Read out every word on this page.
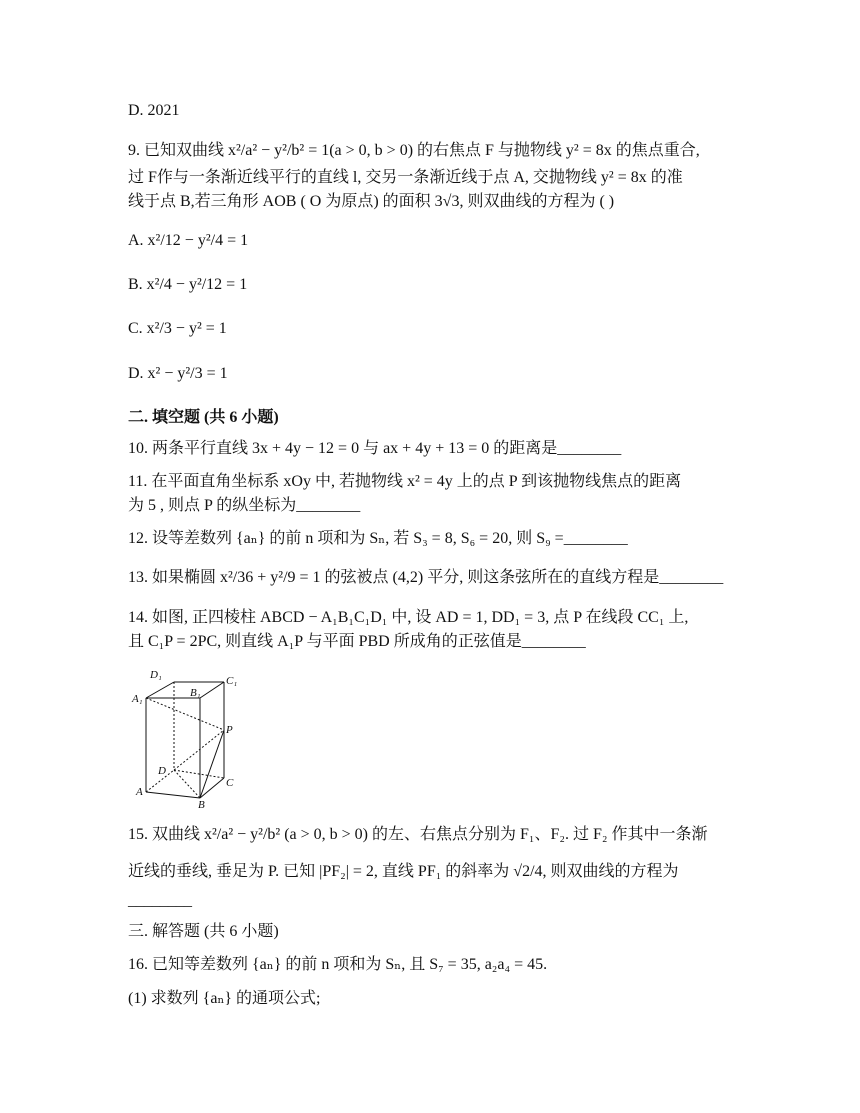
D. 2021
9. 已知双曲线 x²/a² − y²/b² = 1(a > 0, b > 0) 的右焦点 F 与抛物线 y² = 8x 的焦点重合,
过 F作与一条渐近线平行的直线 l, 交另一条渐近线于点 A, 交抛物线 y² = 8x 的准
线于点 B,若三角形 AOB ( O 为原点) 的面积 3√3, 则双曲线的方程为 ( )
A. x²/12 − y²/4 = 1
B. x²/4 − y²/12 = 1
C. x²/3 − y² = 1
D. x² − y²/3 = 1
二. 填空题 (共 6 小题)
10. 两条平行直线 3x + 4y − 12 = 0 与 ax + 4y + 13 = 0 的距离是________
11. 在平面直角坐标系 xOy 中, 若抛物线 x² = 4y 上的点 P 到该抛物线焦点的距离
为 5 , 则点 P 的纵坐标为________
12. 设等差数列 {aₙ} 的前 n 项和为 Sₙ, 若 S₃ = 8, S₆ = 20, 则 S₉ =________
13. 如果椭圆 x²/36 + y²/9 = 1 的弦被点 (4,2) 平分, 则这条弦所在的直线方程是________
14. 如图, 正四棱柱 ABCD − A₁B₁C₁D₁ 中, 设 AD = 1, DD₁ = 3, 点 P 在线段 CC₁ 上,
且 C₁P = 2PC, 则直线 A₁P 与平面 PBD 所成角的正弦值是________
D₁
B₁
C₁
A₁
P
D
C
A
B
15. 双曲线 x²/a² − y²/b² (a > 0, b > 0) 的左、右焦点分别为 F₁、F₂. 过 F₂ 作其中一条渐
近线的垂线, 垂足为 P. 已知 |PF₂| = 2, 直线 PF₁ 的斜率为 √2/4, 则双曲线的方程为
________
三. 解答题 (共 6 小题)
16. 已知等差数列 {aₙ} 的前 n 项和为 Sₙ, 且 S₇ = 35, a₂a₄ = 45.
(1) 求数列 {aₙ} 的通项公式;
